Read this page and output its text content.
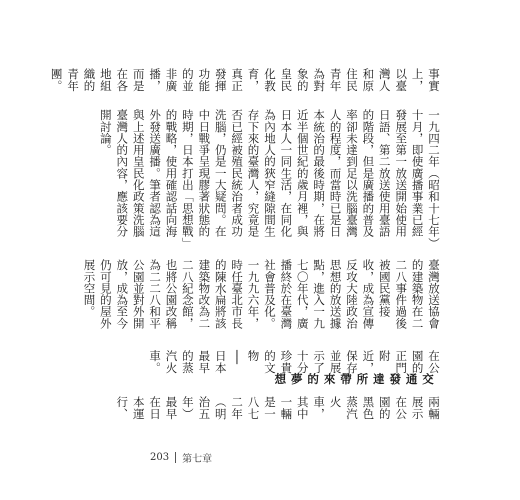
事實上，以臺灣人和原住民青年為對象的皇民化教育，真正發揮功能的並非廣播，而是在各地組織的青年團。

一九四二年（昭和十七年）十月，即使廣播事業已經發展至第一放送開始使用日語、第二放送使用臺語的階段，但是廣播的普及率卻未達到足以洗腦臺灣人的程度，而當時已是日本統治的最後時期，在將近半個世紀的歲月裡，與日本人一同生活，在同化為內地人的狹窄縫隙間生存下來的臺灣人，究竟是否已經被殖民統治者成功洗腦，仍是一大疑問。在中日戰爭呈現膠著狀態的時期，日本打出「思想戰」的戰略，使用確認話向海外發送廣播。筆者認為這與上述用皇民化政策洗腦臺灣人的內容，應該要分開討論。

臺灣放送協會的建築物在二二八事件過後被國民黨接收，成為宣傳反攻大陸政治思想的放送據點，進入一九七〇年代，廣播終於在臺灣社會普及化。一九九六年，時任臺北市長的陳水扁將該建築物改為二二八紀念館，也將公園改稱為二二八和平公園並對外開放，成為至今仍可見的屋外展示空間。

在公園的正門附近，保存並展示了十分珍貴的文物──日本最早的蒸汽火車。

交通發達所帶來的夢想

兩輛展示在公園的黑色蒸汽火車，其中一輛是一八七二年（明治五年）最早在日本運行、

203 第七章
